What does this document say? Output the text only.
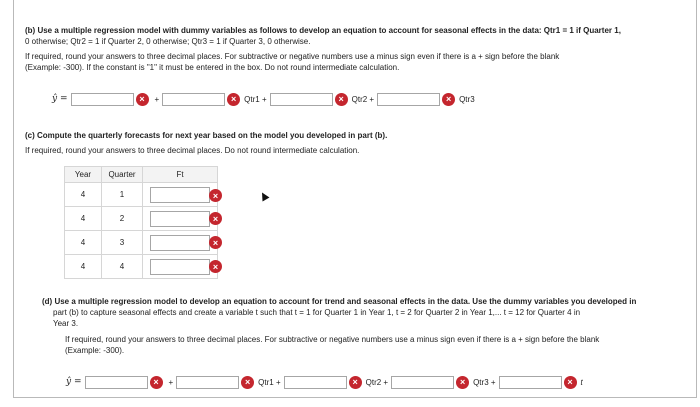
(b) Use a multiple regression model with dummy variables as follows to develop an equation to account for seasonal effects in the data: Qtr1 = 1 if Quarter 1,
0 otherwise; Qtr2 = 1 if Quarter 2, 0 otherwise; Qtr3 = 1 if Quarter 3, 0 otherwise.
If required, round your answers to three decimal places. For subtractive or negative numbers use a minus sign even if there is a + sign before the blank
(Example: -300). If the constant is "1" it must be entered in the box. Do not round intermediate calculation.
ŷ =	×	+	× Qtr1 +	× Qtr2 +	× Qtr3
(c) Compute the quarterly forecasts for next year based on the model you developed in part (b).
If required, round your answers to three decimal places. Do not round intermediate calculation.
Year	Quarter	Ft
4	1	
4	2	
4	3	
4	4	
×
×
×
×
(d) Use a multiple regression model to develop an equation to account for trend and seasonal effects in the data. Use the dummy variables you developed in
part (b) to capture seasonal effects and create a variable t such that t = 1 for Quarter 1 in Year 1, t = 2 for Quarter 2 in Year 1,... t = 12 for Quarter 4 in
Year 3.
If required, round your answers to three decimal places. For subtractive or negative numbers use a minus sign even if there is a + sign before the blank
(Example: -300).
ŷ =	×	+	× Qtr1 +	× Qtr2 +	× Qtr3 +	× t
